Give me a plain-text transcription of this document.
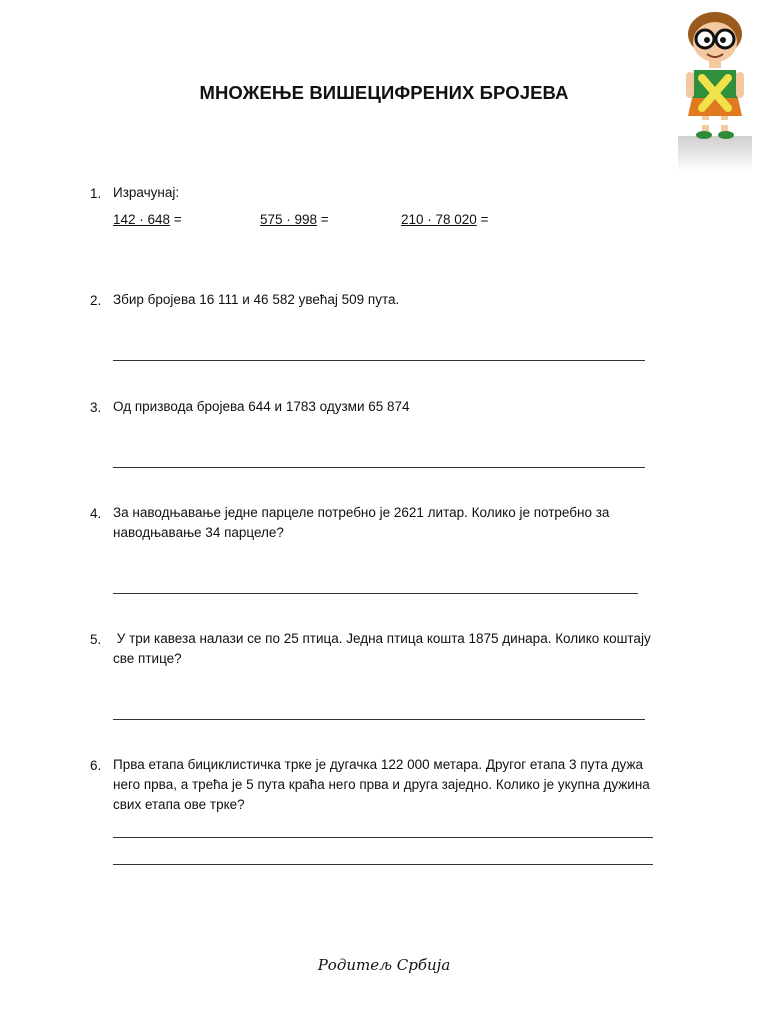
МНОЖЕЊЕ ВИШЕЦИФРЕНИХ БРОЈЕВА
1. Израчунај:
142 · 648 =	575 · 998 =	210 · 78 020 =
2. Збир бројева 16 111 и 46 582 увећај 509 пута.
3. Од призвода бројева 644 и 1783 одузми 65 874
4. За наводњавање једне парцеле потребно је 2621 литар. Колико је потребно за
наводњавање 34 парцеле?
5. У три кавеза налази се по 25 птица. Једна птица кошта 1875 динара. Колико коштају
све птице?
6. Прва етапа бициклистичка трке је дугачка 122 000 метара. Другог етапа 3 пута дужа
него прва, а трећа је 5 пута краћа него прва и друга заједно. Колико је укупна дужина
свих етапа ове трке?
Родитељ Србија
